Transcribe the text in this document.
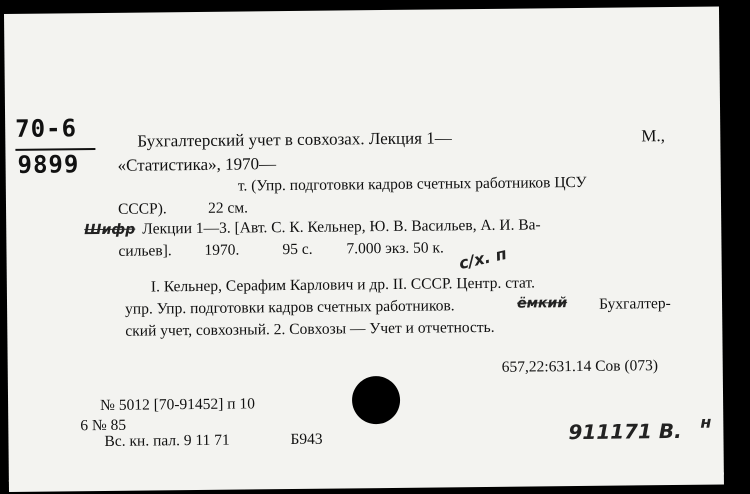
70-6
9899
Бухгалтерский учет в совхозах. Лекция 1—	М.,
«Статистика», 1970—
т. (Упр. подготовки кадров счетных работников ЦСУ
СССР).	22 см.
Шифр Лекции 1—3. [Авт. С. К. Кельнер, Ю. В. Васильев, А. И. Ва-
сильев]. 1970.	95 с. 7.000 экз. 50 к. с/х. п
I. Кельнер, Серафим Карлович и др. II. СССР. Центр. стат.
упр. Упр. подготовки кадров счетных работников.	ёмкий Бухгалтер-
ский учет, совхозный. 2. Совхозы — Учет и отчетность.
657,22:631.14 Сов (073)
№ 5012 [70-91452] п 10
6 № 85
Вс. кн. пал. 9 11 71	Б943	911171 В. н
